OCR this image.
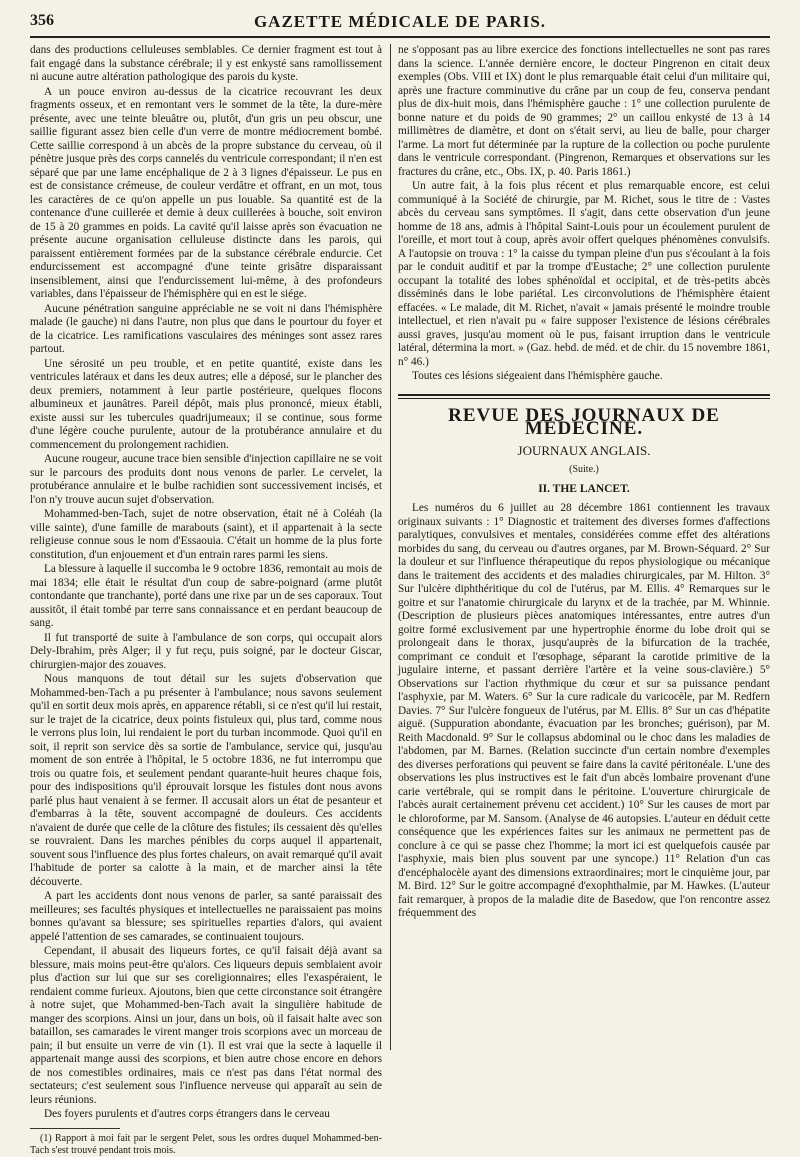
356	GAZETTE MÉDICALE DE PARIS.

dans des productions celluleuses semblables. Ce dernier fragment est tout à fait engagé dans la substance cérébrale; il y est enkysté sans ramollissement ni aucune autre altération pathologique des parois du kyste.

A un pouce environ au-dessus de la cicatrice recouvrant les deux fragments osseux, et en remontant vers le sommet de la tête, la dure-mère présente, avec une teinte bleuâtre ou, plutôt, d'un gris un peu obscur, une saillie figurant assez bien celle d'un verre de montre médiocrement bombé. Cette saillie correspond à un abcès de la propre substance du cerveau, où il pénètre jusque près des corps cannelés du ventricule correspondant; il n'en est séparé que par une lame encéphalique de 2 à 3 lignes d'épaisseur. Le pus en est de consistance crémeuse, de couleur verdâtre et offrant, en un mot, tous les caractères de ce qu'on appelle un pus louable. Sa quantité est de la contenance d'une cuillerée et demie à deux cuillerées à bouche, soit environ de 15 à 20 grammes en poids. La cavité qu'il laisse après son évacuation ne présente aucune organisation celluleuse distincte dans les parois, qui paraissent entièrement formées par de la substance cérébrale endurcie. Cet endurcissement est accompagné d'une teinte grisâtre disparaissant insensiblement, ainsi que l'endurcissement lui-même, à des profondeurs variables, dans l'épaisseur de l'hémisphère qui en est le siége.

Aucune pénétration sanguine appréciable ne se voit ni dans l'hémisphère malade (le gauche) ni dans l'autre, non plus que dans le pourtour du foyer et de la cicatrice. Les ramifications vasculaires des méninges sont assez rares partout.

Une sérosité un peu trouble, et en petite quantité, existe dans les ventricules latéraux et dans les deux autres; elle a déposé, sur le plancher des deux premiers, notamment à leur partie postérieure, quelques flocons albumineux et jaunâtres. Pareil dépôt, mais plus prononcé, mieux établi, existe aussi sur les tubercules quadrijumeaux; il se continue, sous forme d'une légère couche purulente, autour de la protubérance annulaire et du commencement du prolongement rachidien.

Aucune rougeur, aucune trace bien sensible d'injection capillaire ne se voit sur le parcours des produits dont nous venons de parler. Le cervelet, la protubérance annulaire et le bulbe rachidien sont successivement incisés, et l'on n'y trouve aucun sujet d'observation.

Mohammed-ben-Tach, sujet de notre observation, était né à Coléah (la ville sainte), d'une famille de marabouts (saint), et il appartenait à la secte religieuse connue sous le nom d'Essaouia. C'était un homme de la plus forte constitution, d'un enjouement et d'un entrain rares parmi les siens.

La blessure à laquelle il succomba le 9 octobre 1836, remontait au mois de mai 1834; elle était le résultat d'un coup de sabre-poignard (arme plutôt contondante que tranchante), porté dans une rixe par un de ses caporaux. Tout aussitôt, il était tombé par terre sans connaissance et en perdant beaucoup de sang.

Il fut transporté de suite à l'ambulance de son corps, qui occupait alors Dely-Ibrahim, près Alger; il y fut reçu, puis soigné, par le docteur Giscar, chirurgien-major des zouaves.

Nous manquons de tout détail sur les sujets d'observation que Mohammed-ben-Tach a pu présenter à l'ambulance; nous savons seulement qu'il en sortit deux mois après, en apparence rétabli, si ce n'est qu'il lui restait, sur le trajet de la cicatrice, deux points fistuleux qui, plus tard, comme nous le verrons plus loin, lui rendaient le port du turban incommode. Quoi qu'il en soit, il reprit son service dès sa sortie de l'ambulance, service qui, jusqu'au moment de son entrée à l'hôpital, le 5 octobre 1836, ne fut interrompu que trois ou quatre fois, et seulement pendant quarante-huit heures chaque fois, pour des indispositions qu'il éprouvait lorsque les fistules dont nous avons parlé plus haut venaient à se fermer. Il accusait alors un état de pesanteur et d'embarras à la tête, souvent accompagné de douleurs. Ces accidents n'avaient de durée que celle de la clôture des fistules; ils cessaient dès qu'elles se rouvraient. Dans les marches pénibles du corps auquel il appartenait, souvent sous l'influence des plus fortes chaleurs, on avait remarqué qu'il avait l'habitude de porter sa calotte à la main, et de marcher ainsi la tête découverte.

A part les accidents dont nous venons de parler, sa santé paraissait des meilleures; ses facultés physiques et intellectuelles ne paraissaient pas moins bonnes qu'avant sa blessure; ses spirituelles reparties d'alors, qui avaient appelé l'attention de ses camarades, se continuaient toujours.

Cependant, il abusait des liqueurs fortes, ce qu'il faisait déjà avant sa blessure, mais moins peut-être qu'alors. Ces liqueurs depuis semblaient avoir plus d'action sur lui que sur ses coreligionnaires; elles l'exaspéraient, le rendaient comme furieux. Ajoutons, bien que cette circonstance soit étrangère à notre sujet, que Mohammed-ben-Tach avait la singulière habitude de manger des scorpions. Ainsi un jour, dans un bois, où il faisait halte avec son bataillon, ses camarades le virent manger trois scorpions avec un morceau de pain; il but ensuite un verre de vin (1). Il est vrai que la secte à laquelle il appartenait mange aussi des scorpions, et bien autre chose encore en dehors de nos comestibles ordinaires, mais ce n'est pas dans l'état normal des sectateurs; c'est seulement sous l'influence nerveuse qui apparaît au sein de leurs réunions.

Des foyers purulents et d'autres corps étrangers dans le cerveau

(1) Rapport à moi fait par le sergent Pelet, sous les ordres duquel Mohammed-ben-Tach s'est trouvé pendant trois mois.

ne s'opposant pas au libre exercice des fonctions intellectuelles ne sont pas rares dans la science. L'année dernière encore, le docteur Pingrenon en citait deux exemples (Obs. VIII et IX) dont le plus remarquable était celui d'un militaire qui, après une fracture comminutive du crâne par un coup de feu, conserva pendant plus de dix-huit mois, dans l'hémisphère gauche : 1° une collection purulente de bonne nature et du poids de 90 grammes; 2° un caillou enkysté de 13 à 14 millimètres de diamètre, et dont on s'était servi, au lieu de balle, pour charger l'arme. La mort fut déterminée par la rupture de la collection ou poche purulente dans le ventricule correspondant. (Pingrenon, Remarques et observations sur les fractures du crâne, etc., Obs. IX, p. 40. Paris 1861.)

Un autre fait, à la fois plus récent et plus remarquable encore, est celui communiqué à la Société de chirurgie, par M. Richet, sous le titre de : Vastes abcès du cerveau sans symptômes. Il s'agit, dans cette observation d'un jeune homme de 18 ans, admis à l'hôpital Saint-Louis pour un écoulement purulent de l'oreille, et mort tout à coup, après avoir offert quelques phénomènes convulsifs. A l'autopsie on trouva : 1° la caisse du tympan pleine d'un pus s'écoulant à la fois par le conduit auditif et par la trompe d'Eustache; 2° une collection purulente occupant la totalité des lobes sphénoïdal et occipital, et de très-petits abcès disséminés dans le lobe pariétal. Les circonvolutions de l'hémisphère étaient effacées. « Le malade, dit M. Richet, n'avait « jamais présenté le moindre trouble intellectuel, et rien n'avait pu « faire supposer l'existence de lésions cérébrales aussi graves, jusqu'au moment où le pus, faisant irruption dans le ventricule latéral, détermina la mort. » (Gaz. hebd. de méd. et de chir. du 15 novembre 1861, n° 46.)

Toutes ces lésions siégeaient dans l'hémisphère gauche.

REVUE DES JOURNAUX DE MÉDECINE.
JOURNAUX ANGLAIS.
(Suite.)
II. THE LANCET.

Les numéros du 6 juillet au 28 décembre 1861 contiennent les travaux originaux suivants : 1° Diagnostic et traitement des diverses formes d'affections paralytiques, convulsives et mentales, considérées comme effet des altérations morbides du sang, du cerveau ou d'autres organes, par M. Brown-Séquard. 2° Sur la douleur et sur l'influence thérapeutique du repos physiologique ou mécanique dans le traitement des accidents et des maladies chirurgicales, par M. Hilton. 3° Sur l'ulcère diphthéritique du col de l'utérus, par M. Ellis. 4° Remarques sur le goitre et sur l'anatomie chirurgicale du larynx et de la trachée, par M. Whinnie. (Description de plusieurs pièces anatomiques intéressantes, entre autres d'un goitre formé exclusivement par une hypertrophie énorme du lobe droit qui se prolongeait dans le thorax, jusqu'auprès de la bifurcation de la trachée, comprimant ce conduit et l'œsophage, séparant la carotide primitive de la jugulaire interne, et passant derrière l'artère et la veine sous-clavière.) 5° Observations sur l'action rhythmique du cœur et sur sa puissance pendant l'asphyxie, par M. Waters. 6° Sur la cure radicale du varicocèle, par M. Redfern Davies. 7° Sur l'ulcère fongueux de l'utérus, par M. Ellis. 8° Sur un cas d'hépatite aiguë. (Suppuration abondante, évacuation par les bronches; guérison), par M. Reith Macdonald. 9° Sur le collapsus abdominal ou le choc dans les maladies de l'abdomen, par M. Barnes. (Relation succincte d'un certain nombre d'exemples des diverses perforations qui peuvent se faire dans la cavité péritonéale. L'une des observations les plus instructives est le fait d'un abcès lombaire provenant d'une carie vertébrale, qui se rompit dans le péritoine. L'ouverture chirurgicale de l'abcès aurait certainement prévenu cet accident.) 10° Sur les causes de mort par le chloroforme, par M. Sansom. (Analyse de 46 autopsies. L'auteur en déduit cette conséquence que les expériences faites sur les animaux ne permettent pas de conclure à ce qui se passe chez l'homme; la mort ici est quelquefois causée par l'asphyxie, mais bien plus souvent par une syncope.) 11° Relation d'un cas d'encéphalocèle ayant des dimensions extraordinaires; mort le cinquième jour, par M. Bird. 12° Sur le goitre accompagné d'exophthalmie, par M. Hawkes. (L'auteur fait remarquer, à propos de la maladie dite de Basedow, que l'on rencontre assez fréquemment des
